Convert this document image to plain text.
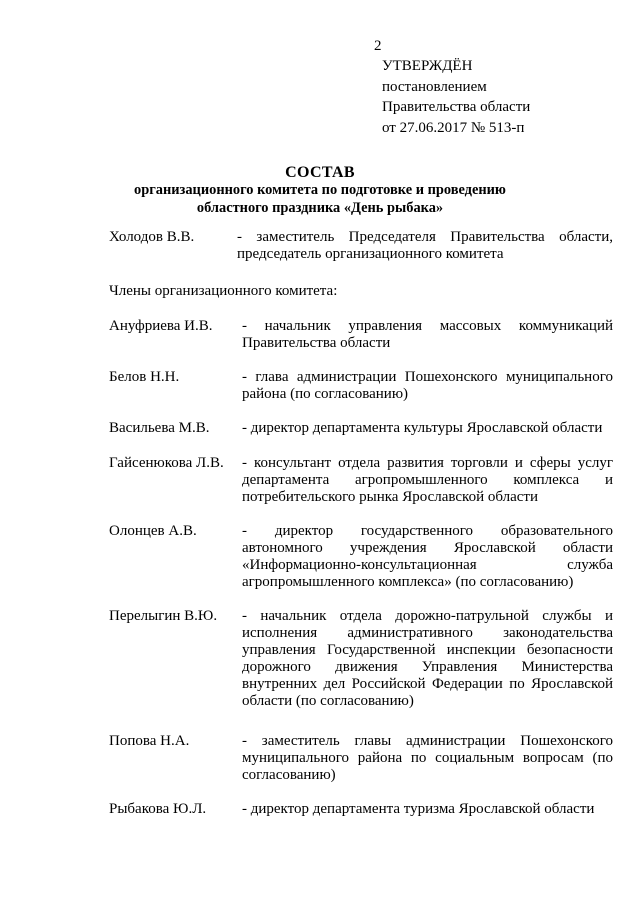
2
УТВЕРЖДЁН
постановлением
Правительства области
от 27.06.2017 № 513-п
СОСТАВ
организационного комитета по подготовке и проведению
областного праздника «День рыбака»
Холодов В.В.	- заместитель Председателя Правительства области, председатель организационного комитета
Члены организационного комитета:
Ануфриева И.В.	- начальник управления массовых коммуникаций Правительства области
Белов Н.Н.	- глава администрации Пошехонского муниципального района (по согласованию)
Васильева М.В.	- директор департамента культуры Ярославской области
Гайсенюкова Л.В.	- консультант отдела развития торговли и сферы услуг департамента агропромышленного комплекса и потребительского рынка Ярославской области
Олонцев А.В.	- директор государственного образовательного автономного учреждения Ярославской области «Информационно-консультационная служба агропромышленного комплекса» (по согласованию)
Перелыгин В.Ю.	- начальник отдела дорожно-патрульной службы и исполнения административного законодательства управления Государственной инспекции безопасности дорожного движения Управления Министерства внутренних дел Российской Федерации по Ярославской области (по согласованию)
Попова Н.А.	- заместитель главы администрации Пошехонского муниципального района по социальным вопросам (по согласованию)
Рыбакова Ю.Л.	- директор департамента туризма Ярославской области
